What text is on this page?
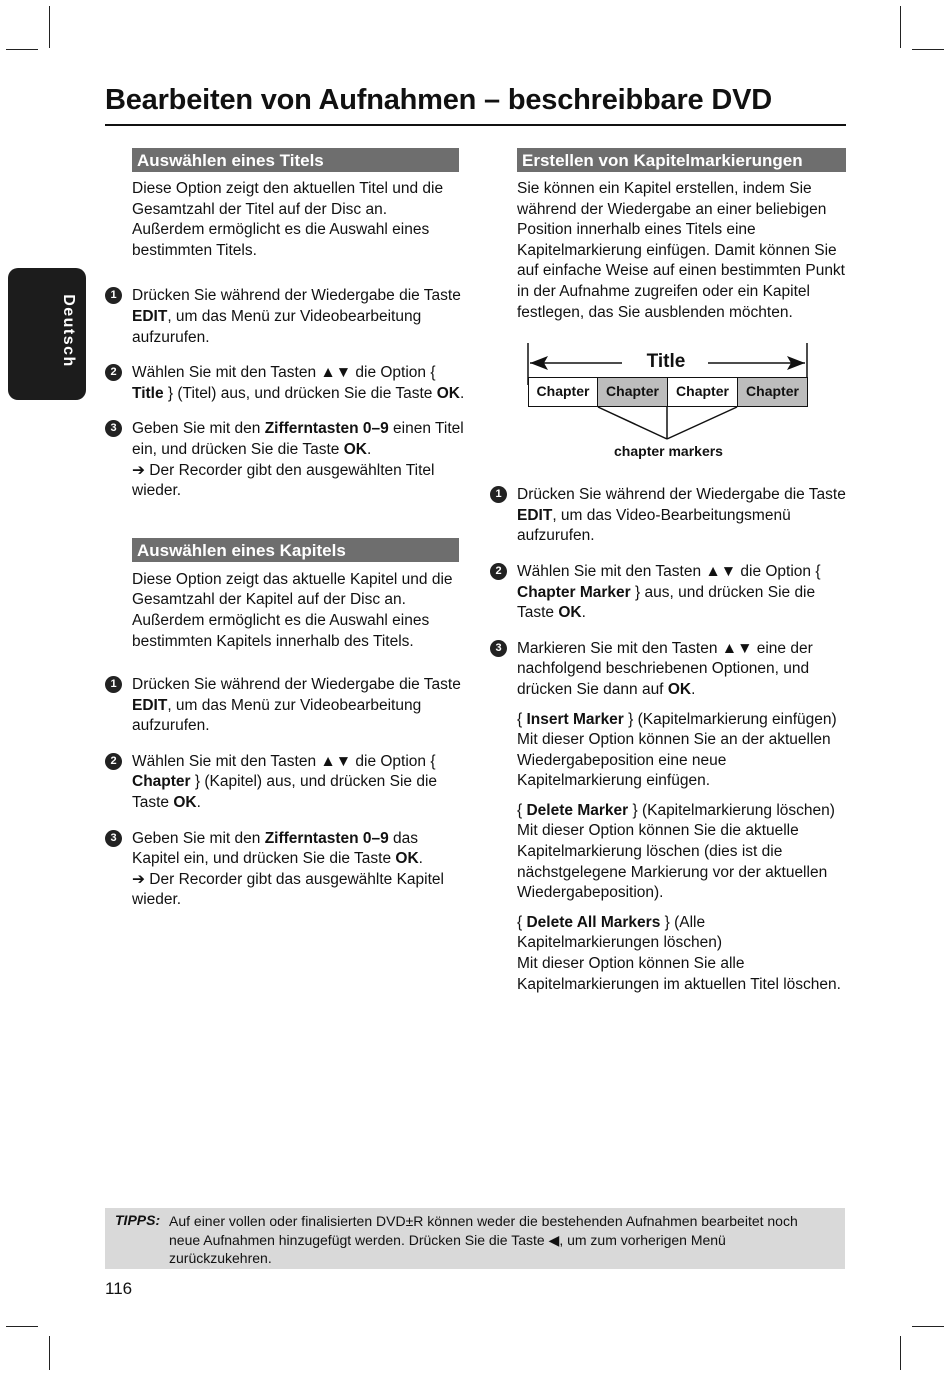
Bearbeiten von Aufnahmen – beschreibbare DVD
Deutsch
Auswählen eines Titels

Diese Option zeigt den aktuellen Titel und die Gesamtzahl der Titel auf der Disc an. Außerdem ermöglicht es die Auswahl eines bestimmten Titels.

1 Drücken Sie während der Wiedergabe die Taste EDIT, um das Menü zur Videobearbeitung aufzurufen.

2 Wählen Sie mit den Tasten ▲▼ die Option { Title } (Titel) aus, und drücken Sie die Taste OK.

3 Geben Sie mit den Zifferntasten 0–9 einen Titel ein, und drücken Sie die Taste OK.

➔ Der Recorder gibt den ausgewählten Titel wieder.

Auswählen eines Kapitels

Diese Option zeigt das aktuelle Kapitel und die Gesamtzahl der Kapitel auf der Disc an. Außerdem ermöglicht es die Auswahl eines bestimmten Kapitels innerhalb des Titels.

1 Drücken Sie während der Wiedergabe die Taste EDIT, um das Menü zur Videobearbeitung aufzurufen.

2 Wählen Sie mit den Tasten ▲▼ die Option { Chapter } (Kapitel) aus, und drücken Sie die Taste OK.

3 Geben Sie mit den Zifferntasten 0–9 das Kapitel ein, und drücken Sie die Taste OK.

➔ Der Recorder gibt das ausgewählte Kapitel wieder.

Erstellen von Kapitelmarkierungen

Sie können ein Kapitel erstellen, indem Sie während der Wiedergabe an einer beliebigen Position innerhalb eines Titels eine Kapitelmarkierung einfügen. Damit können Sie auf einfache Weise auf einen bestimmten Punkt in der Aufnahme zugreifen oder ein Kapitel festlegen, das Sie ausblenden möchten.

Title
Chapter	Chapter	Chapter	Chapter
chapter markers
1 Drücken Sie während der Wiedergabe die Taste EDIT, um das Video-Bearbeitungsmenü aufzurufen.

2 Wählen Sie mit den Tasten ▲▼ die Option { Chapter Marker } aus, und drücken Sie die Taste OK.

3 Markieren Sie mit den Tasten ▲▼ eine der nachfolgend beschriebenen Optionen, und drücken Sie dann auf OK.

{ Insert Marker } (Kapitelmarkierung einfügen)

Mit dieser Option können Sie an der aktuellen Wiedergabeposition eine neue Kapitelmarkierung einfügen.

{ Delete Marker } (Kapitelmarkierung löschen)

Mit dieser Option können Sie die aktuelle Kapitelmarkierung löschen (dies ist die nächstgelegene Markierung vor der aktuellen Wiedergabeposition).

{ Delete All Markers } (Alle Kapitelmarkierungen löschen)

Mit dieser Option können Sie alle Kapitelmarkierungen im aktuellen Titel löschen.

TIPPS: Auf einer vollen oder finalisierten DVD±R können weder die bestehenden Aufnahmen bearbeitet noch neue Aufnahmen hinzugefügt werden. Drücken Sie die Taste ◀, um zum vorherigen Menü zurückzukehren.
116
